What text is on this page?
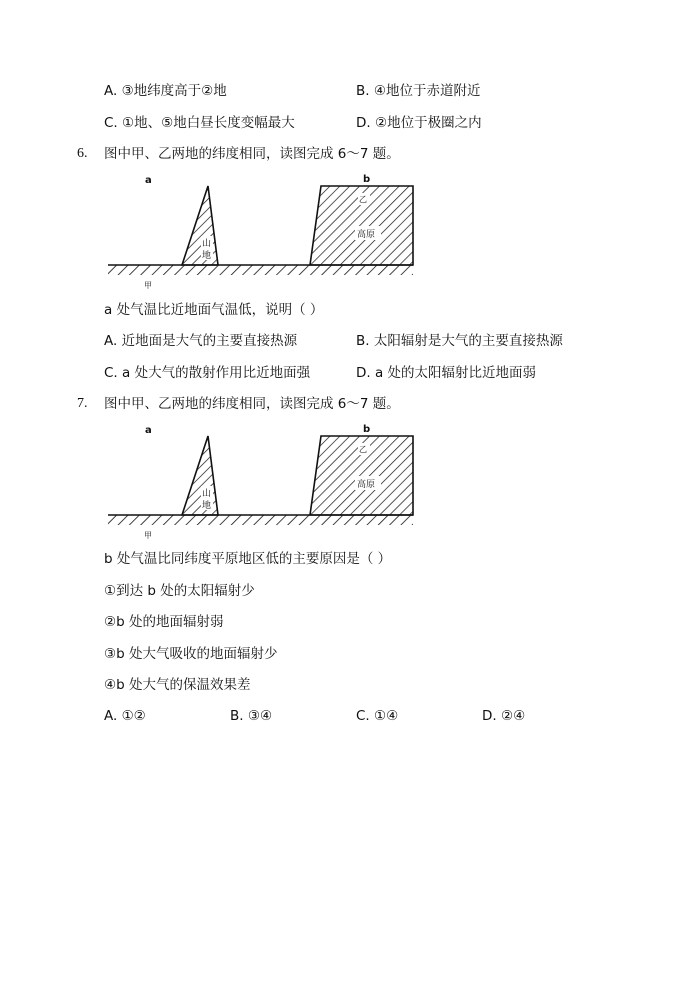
A. ③地纬度高于②地	B. ④地位于赤道附近
C. ①地、⑤地白昼长度变幅最大	D. ②地位于极圈之内
6. 图中甲、乙两地的纬度相同，读图完成 6～7 题。
a	b
乙
山
地
高原
甲
a 处气温比近地面气温低，说明（ ）
A. 近地面是大气的主要直接热源	B. 太阳辐射是大气的主要直接热源
C. a 处大气的散射作用比近地面强	D. a 处的太阳辐射比近地面弱
7. 图中甲、乙两地的纬度相同，读图完成 6～7 题。
a	b
乙
山
地
高原
甲
b 处气温比同纬度平原地区低的主要原因是（ ）
①到达 b 处的太阳辐射少
②b 处的地面辐射弱
③b 处大气吸收的地面辐射少
④b 处大气的保温效果差
A. ①②	B. ③④	C. ①④	D. ②④
